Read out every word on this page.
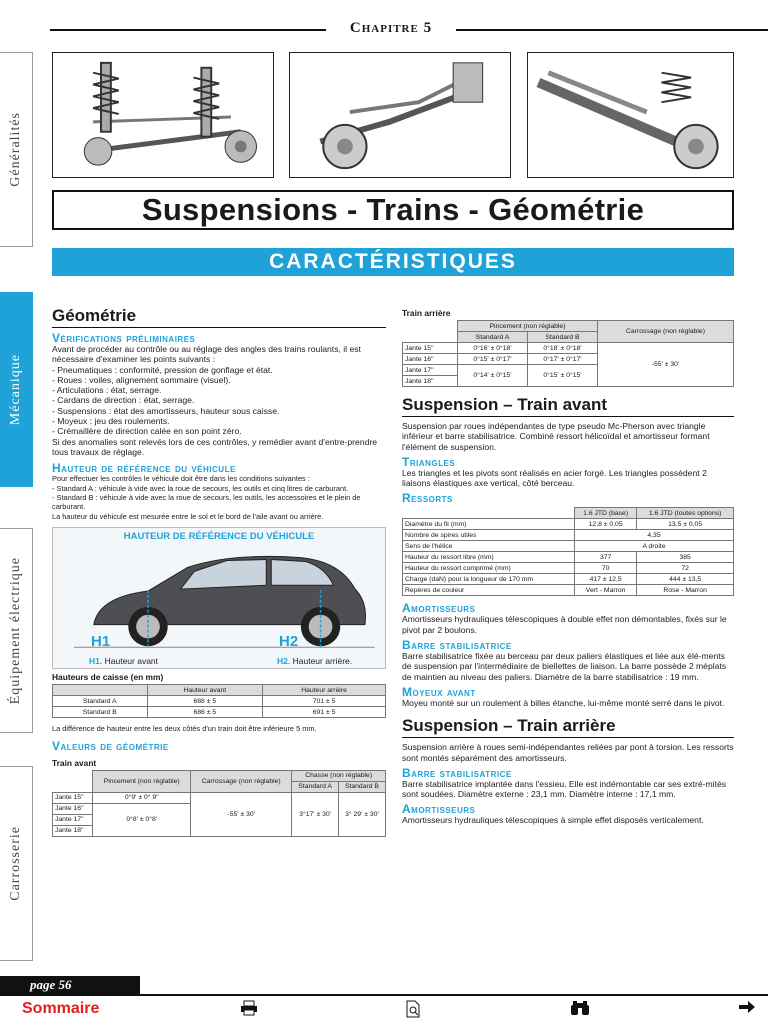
Chapitre 5
Généralités
Mécanique
Équipement électrique
Carrosserie
Suspensions - Trains - Géométrie
CARACTÉRISTIQUES
Géométrie
Vérifications préliminaires

Avant de procéder au contrôle ou au réglage des angles des trains roulants, il est nécessaire d'examiner les points suivants :

- Pneumatiques : conformité, pression de gonflage et état.

- Roues : voiles, alignement sommaire (visuel).

- Articulations : état, serrage.

- Cardans de direction : état, serrage.

- Suspensions : état des amortisseurs, hauteur sous caisse.

- Moyeux : jeu des roulements.

- Crémaillère de direction calée en son point zéro.

Si des anomalies sont relevés lors de ces contrôles, y remédier avant d'entre-prendre tous travaux de réglage.

Hauteur de référence du véhicule

Pour effectuer les contrôles le véhicule doit être dans les conditions suivantes :

- Standard A : véhicule à vide avec la roue de secours, les outils et cinq litres de carburant.

- Standard B : véhicule à vide avec la roue de secours, les outils, les accessoires et le plein de carburant.

La hauteur du véhicule est mesurée entre le sol et le bord de l'aile avant ou arrière.

HAUTEUR DE RÉFÉRENCE DU VÉHICULE
H1	H2
H1. Hauteur avant	H2. Hauteur arrière.
Hauteurs de caisse (en mm)
	Hauteur avant	Hauteur arrière
Standard A	688 ± 5	701 ± 5
Standard B	686 ± 5	691 ± 5

La différence de hauteur entre les deux côtés d'un train doit être inférieure 5 mm.

Valeurs de géométrie
Train avant
	Pincement (non réglable)	Carrossage (non réglable)	Chasse (non réglable)	
			Standard A	Standard B
Jante 15"	0°9' ± 0° 9"	-55' ± 30'	3°17' ± 30'	3° 29' ± 30'
Jante 16"	0°8' ± 0°8'			
Jante 17"				
Jante 18"				
Train arrière
	Pincement (non réglable)		Carrossage (non réglable)
	Standard A	Standard B	
Jante 15"	0°16' ± 0°18'	0°18' ± 0°18'	-55' ± 30'
Jante 16"	0°15' ± 0°17'	0°17' ± 0°17'	
Jante 17"	0°14' ± 0°15'	0°15' ± 0°15'	
Jante 18"			
Suspension – Train avant

Suspension par roues indépendantes de type pseudo Mc-Pherson avec triangle inférieur et barre stabilisatrice. Combiné ressort hélicoïdal et amortisseur formant l'élément de suspension.

Triangles

Les triangles et les pivots sont réalisés en acier forgé. Les triangles possèdent 2 liaisons élastiques axe vertical, côté berceau.

Ressorts
	1.6 JTD (base)	1.6 JTD (toutes options)
Diamètre du fil (mm)	12,8 ± 0,05	13,5 ± 0,05
Nombre de spires utiles	4,35	
Sens de l'hélice	A droite	
Hauteur du ressort libre (mm)	377	385
Hauteur du ressort comprimé (mm)	70	72
Charge (daN) pour la longueur de 170 mm	417 ± 12,5	444 ± 13,5
Repères de couleur	Vert - Marron	Rose - Marron
Amortisseurs

Amortisseurs hydrauliques télescopiques à double effet non démontables, fixés sur le pivot par 2 boulons.

Barre stabilisatrice

Barre stabilisatrice fixée au berceau par deux paliers élastiques et liée aux élé-ments de suspension par l'intermédiaire de biellettes de liaison. La barre possède 2 méplats de maintien au niveau des paliers. Diamètre de la barre stabilisatrice : 19 mm.

Moyeux avant

Moyeu monté sur un roulement à billes étanche, lui-même monté serré dans le pivot.

Suspension – Train arrière

Suspension arrière à roues semi-indépendantes reliées par pont à torsion. Les ressorts sont montés séparément des amortisseurs.

Barre stabilisatrice

Barre stabilisatrice implantée dans l'essieu. Elle est indémontable car ses extré-mités sont soudées. Diamètre externe : 23,1 mm. Diamètre interne : 17,1 mm.

Amortisseurs

Amortisseurs hydrauliques télescopiques à simple effet disposés verticalement.

page 56
Sommaire
